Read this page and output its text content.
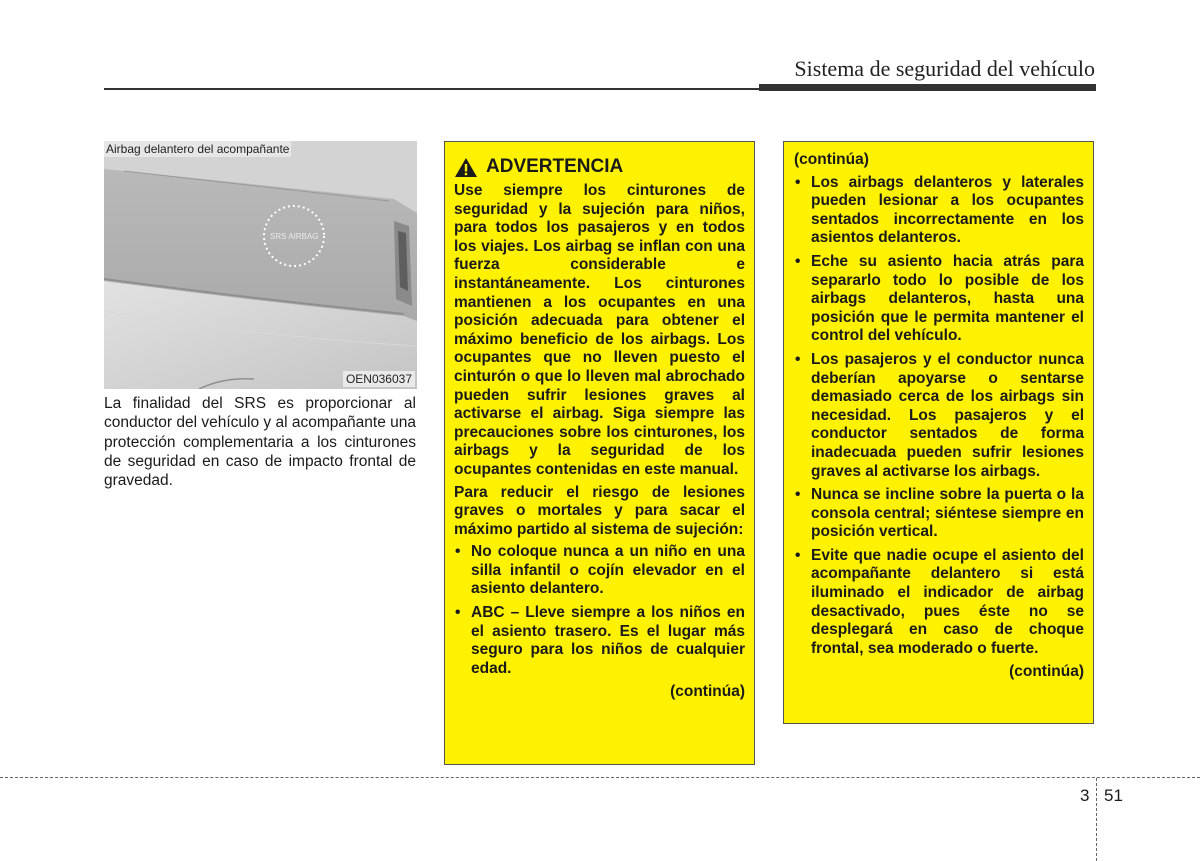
Sistema de seguridad del vehículo
Airbag delantero del acompañante
SRS AIRBAG
OEN036037
La finalidad del SRS es proporcionar al conductor del vehículo y al acompañante una protección complementaria a los cinturones de seguridad en caso de impacto frontal de gravedad.
ADVERTENCIA

Use siempre los cinturones de seguridad y la sujeción para niños, para todos los pasajeros y en todos los viajes. Los airbag se inflan con una fuerza considerable e instantáneamente. Los cinturones mantienen a los ocupantes en una posición adecuada para obtener el máximo beneficio de los airbags. Los ocupantes que no lleven puesto el cinturón o que lo lleven mal abrochado pueden sufrir lesiones graves al activarse el airbag. Siga siempre las precauciones sobre los cinturones, los airbags y la seguridad de los ocupantes contenidas en este manual.

Para reducir el riesgo de lesiones graves o mortales y para sacar el máximo partido al sistema de sujeción:

• No coloque nunca a un niño en una silla infantil o cojín elevador en el asiento delantero.
• ABC – Lleve siempre a los niños en el asiento trasero. Es el lugar más seguro para los niños de cualquier edad.
(continúa)

(continúa)

• Los airbags delanteros y laterales pueden lesionar a los ocupantes sentados incorrectamente en los asientos delanteros.
• Eche su asiento hacia atrás para separarlo todo lo posible de los airbags delanteros, hasta una posición que le permita mantener el control del vehículo.
• Los pasajeros y el conductor nunca deberían apoyarse o sentarse demasiado cerca de los airbags sin necesidad. Los pasajeros y el conductor sentados de forma inadecuada pueden sufrir lesiones graves al activarse los airbags.
• Nunca se incline sobre la puerta o la consola central; siéntese siempre en posición vertical.
• Evite que nadie ocupe el asiento del acompañante delantero si está iluminado el indicador de airbag desactivado, pues éste no se desplegará en caso de choque frontal, sea moderado o fuerte.
(continúa)
3 51
